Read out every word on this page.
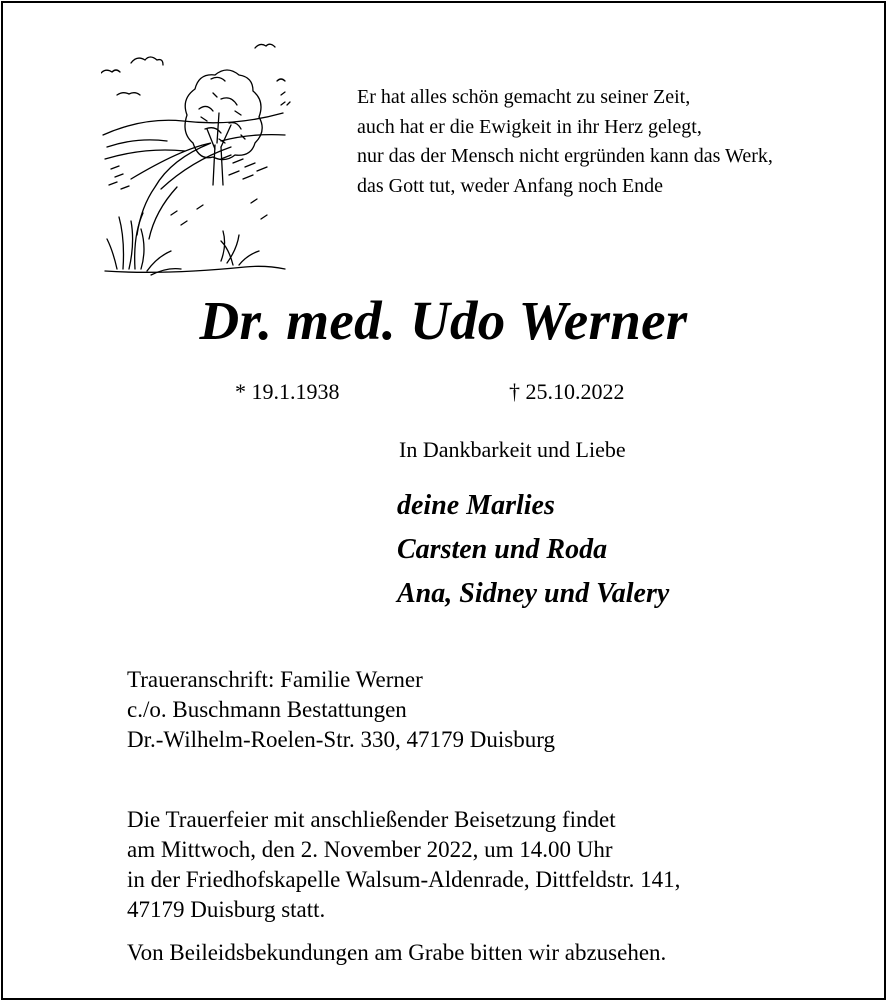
Er hat alles schön gemacht zu seiner Zeit,
auch hat er die Ewigkeit in ihr Herz gelegt,
nur das der Mensch nicht ergründen kann das Werk,
das Gott tut, weder Anfang noch Ende
Dr. med. Udo Werner
* 19.1.1938	† 25.10.2022
In Dankbarkeit und Liebe
deine Marlies
Carsten und Roda
Ana, Sidney und Valery
Traueranschrift: Familie Werner
c./o. Buschmann Bestattungen
Dr.-Wilhelm-Roelen-Str. 330, 47179 Duisburg
Die Trauerfeier mit anschließender Beisetzung findet
am Mittwoch, den 2. November 2022, um 14.00 Uhr
in der Friedhofskapelle Walsum-Aldenrade, Dittfeldstr. 141,
47179 Duisburg statt.
Von Beileidsbekundungen am Grabe bitten wir abzusehen.
